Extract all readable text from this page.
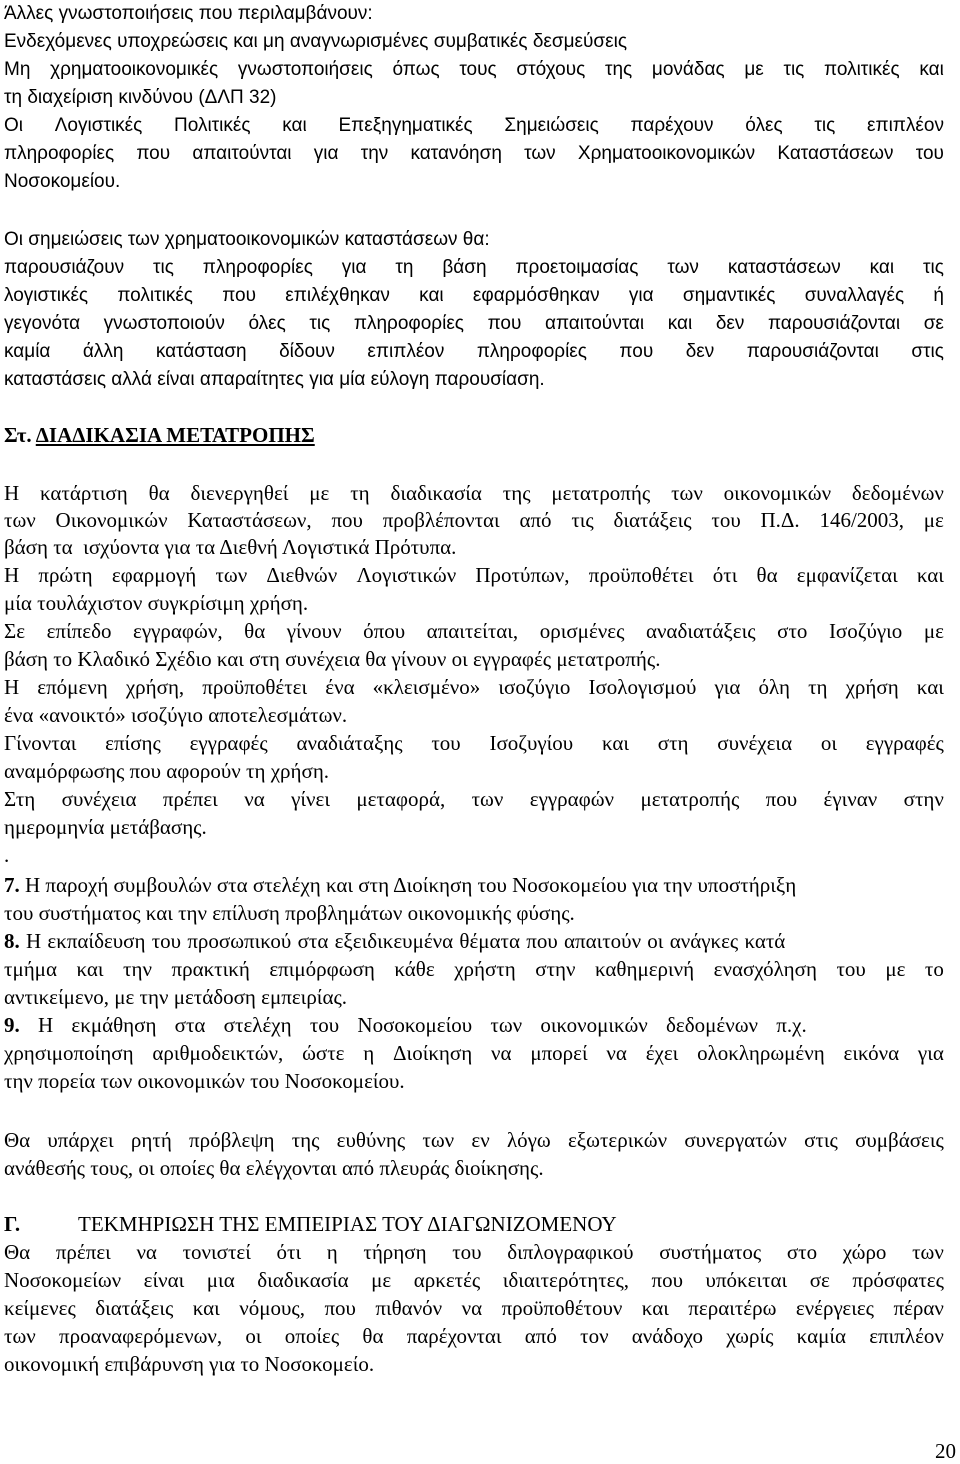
Άλλες γνωστοποιήσεις που περιλαμβάνουν:
Ενδεχόμενες υποχρεώσεις και μη αναγνωρισμένες συμβατικές δεσμεύσεις
Μη χρηματοοικονομικές γνωστοποιήσεις όπως τους στόχους της μονάδας με τις πολιτικές και
τη διαχείριση κινδύνου (ΔΛΠ 32)
Οι Λογιστικές Πολιτικές και Επεξηγηματικές Σημειώσεις παρέχουν όλες τις επιπλέον
πληροφορίες που απαιτούνται για την κατανόηση των Χρηματοοικονομικών Καταστάσεων του
Νοσοκομείου.
Οι σημειώσεις των χρηματοοικονομικών καταστάσεων θα:
παρουσιάζουν τις πληροφορίες για τη βάση προετοιμασίας των καταστάσεων και τις
λογιστικές πολιτικές που επιλέχθηκαν και εφαρμόσθηκαν για σημαντικές συναλλαγές ή
γεγονότα γνωστοποιούν όλες τις πληροφορίες που απαιτούνται και δεν παρουσιάζονται σε
καμία άλλη κατάσταση δίδουν επιπλέον πληροφορίες που δεν παρουσιάζονται στις
καταστάσεις αλλά είναι απαραίτητες για μία εύλογη παρουσίαση.
Στ. ΔΙΑΔΙΚΑΣΙΑ ΜΕΤΑΤΡΟΠΗΣ
Η κατάρτιση θα διενεργηθεί με τη διαδικασία της μετατροπής των οικονομικών δεδομένων
των Οικονομικών Καταστάσεων, που προβλέπονται από τις διατάξεις του Π.Δ. 146/2003, με
βάση τα  ισχύοντα για τα Διεθνή Λογιστικά Πρότυπα.
Η πρώτη εφαρμογή των Διεθνών Λογιστικών Προτύπων, προϋποθέτει ότι θα εμφανίζεται και
μία τουλάχιστον συγκρίσιμη χρήση.
Σε επίπεδο εγγραφών, θα γίνουν όπου απαιτείται, ορισμένες αναδιατάξεις στο Ισοζύγιο με
βάση το Κλαδικό Σχέδιο και στη συνέχεια θα γίνουν οι εγγραφές μετατροπής.
Η επόμενη χρήση, προϋποθέτει ένα «κλεισμένο» ισοζύγιο Ισολογισμού για όλη τη χρήση και
ένα «ανοικτό» ισοζύγιο αποτελεσμάτων.
Γίνονται επίσης εγγραφές αναδιάταξης του Ισοζυγίου και στη συνέχεια οι εγγραφές
αναμόρφωσης που αφορούν τη χρήση.
Στη συνέχεια πρέπει να γίνει μεταφορά, των εγγραφών μετατροπής που έγιναν στην
ημερομηνία μετάβασης.
.
7. Η παροχή συμβουλών στα στελέχη και στη Διοίκηση του Νοσοκομείου για την υποστήριξη
του συστήματος και την επίλυση προβλημάτων οικονομικής φύσης.
8. Η εκπαίδευση του προσωπικού στα εξειδικευμένα θέματα που απαιτούν οι ανάγκες κατά
τμήμα και την πρακτική επιμόρφωση κάθε χρήστη στην καθημερινή ενασχόληση του με το
αντικείμενο, με την μετάδοση εμπειρίας.
9. Η εκμάθηση στα στελέχη του Νοσοκομείου των οικονομικών δεδομένων π.χ.
χρησιμοποίηση αριθμοδεικτών, ώστε η Διοίκηση να μπορεί να έχει ολοκληρωμένη εικόνα για
την πορεία των οικονομικών του Νοσοκομείου.
Θα υπάρχει ρητή πρόβλεψη της ευθύνης των εν λόγω εξωτερικών συνεργατών στις συμβάσεις
ανάθεσής τους, οι οποίες θα ελέγχονται από πλευράς διοίκησης.
Γ.	ΤΕΚΜΗΡΙΩΣΗ ΤΗΣ ΕΜΠΕΙΡΙΑΣ ΤΟΥ ΔΙΑΓΩΝΙΖΟΜΕΝΟΥ
Θα πρέπει να τονιστεί ότι η τήρηση του διπλογραφικού συστήματος στο χώρο των
Νοσοκομείων είναι μια διαδικασία με αρκετές ιδιαιτερότητες, που υπόκειται σε πρόσφατες
κείμενες διατάξεις και νόμους, που πιθανόν να προϋποθέτουν και περαιτέρω ενέργειες πέραν
των προαναφερόμενων, οι οποίες θα παρέχονται από τον ανάδοχο χωρίς καμία επιπλέον
οικονομική επιβάρυνση για το Νοσοκομείο.
20
